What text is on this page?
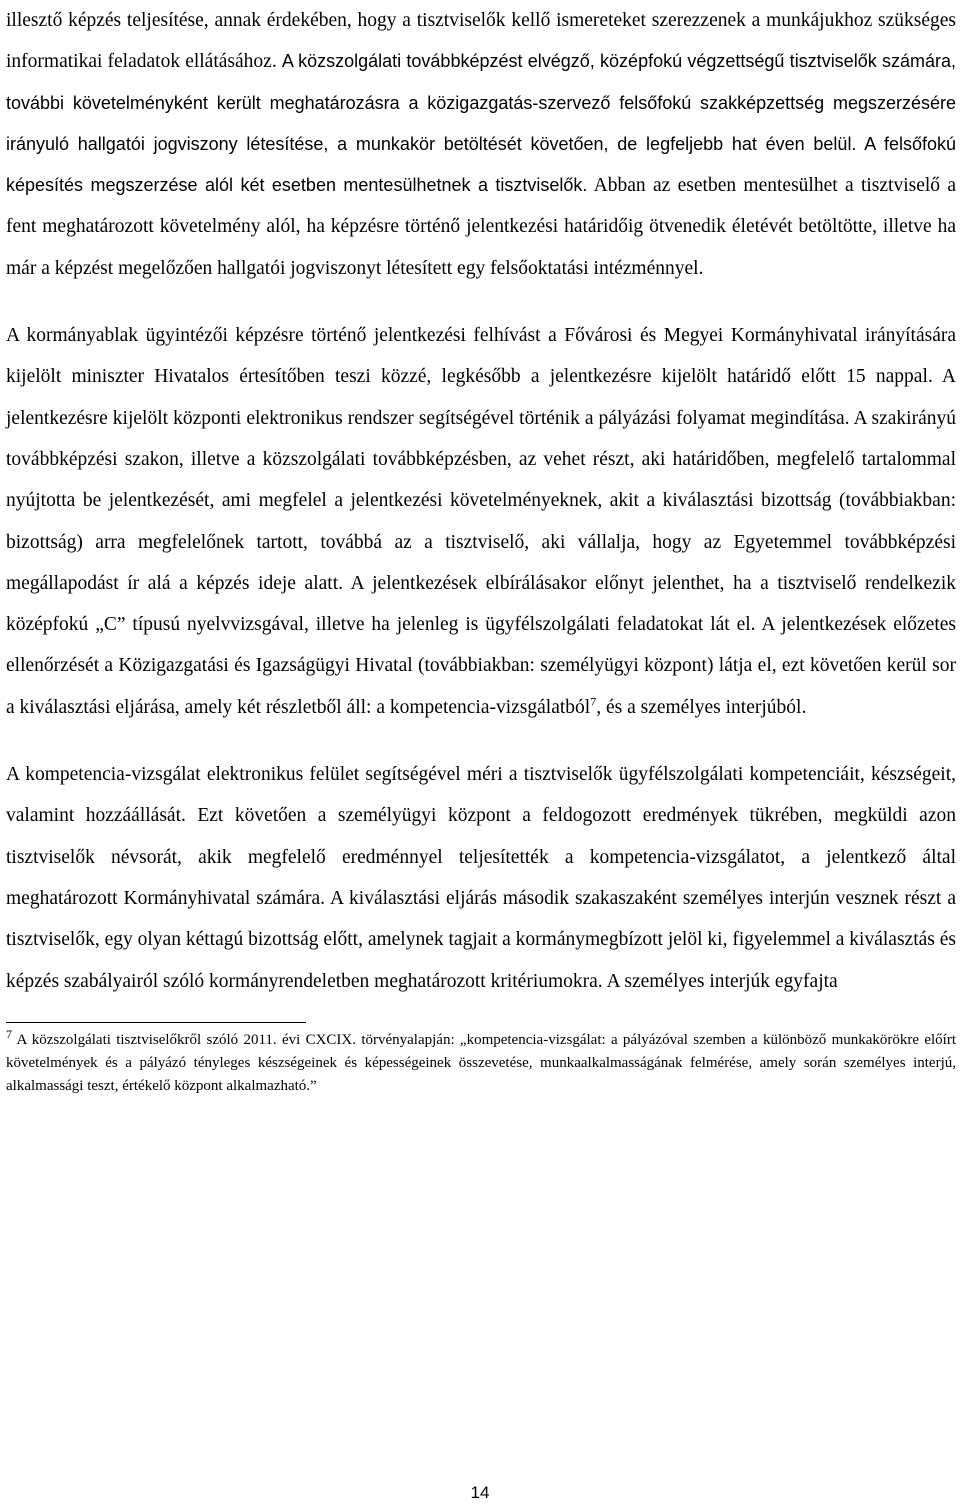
illesztő képzés teljesítése, annak érdekében, hogy a tisztviselők kellő ismereteket szerezzenek a munkájukhoz szükséges informatikai feladatok ellátásához. A közszolgálati továbbképzést elvégző, középfokú végzettségű tisztviselők számára, további követelményként került meghatározásra a közigazgatás-szervező felsőfokú szakképzettség megszerzésére irányuló hallgatói jogviszony létesítése, a munkakör betöltését követően, de legfeljebb hat éven belül. A felsőfokú képesítés megszerzése alól két esetben mentesülhetnek a tisztviselők. Abban az esetben mentesülhet a tisztviselő a fent meghatározott követelmény alól, ha képzésre történő jelentkezési határidőig ötvenedik életévét betöltötte, illetve ha már a képzést megelőzően hallgatói jogviszonyt létesített egy felsőoktatási intézménnyel.

A kormányablak ügyintézői képzésre történő jelentkezési felhívást a Fővárosi és Megyei Kormányhivatal irányítására kijelölt miniszter Hivatalos értesítőben teszi közzé, legkésőbb a jelentkezésre kijelölt határidő előtt 15 nappal. A jelentkezésre kijelölt központi elektronikus rendszer segítségével történik a pályázási folyamat megindítása. A szakirányú továbbképzési szakon, illetve a közszolgálati továbbképzésben, az vehet részt, aki határidőben, megfelelő tartalommal nyújtotta be jelentkezését, ami megfelel a jelentkezési követelményeknek, akit a kiválasztási bizottság (továbbiakban: bizottság) arra megfelelőnek tartott, továbbá az a tisztviselő, aki vállalja, hogy az Egyetemmel továbbképzési megállapodást ír alá a képzés ideje alatt. A jelentkezések elbírálásakor előnyt jelenthet, ha a tisztviselő rendelkezik középfokú „C” típusú nyelvvizsgával, illetve ha jelenleg is ügyfélszolgálati feladatokat lát el. A jelentkezések előzetes ellenőrzését a Közigazgatási és Igazságügyi Hivatal (továbbiakban: személyügyi központ) látja el, ezt követően kerül sor a kiválasztási eljárása, amely két részletből áll: a kompetencia-vizsgálatból$^7$, és a személyes interjúból.

A kompetencia-vizsgálat elektronikus felület segítségével méri a tisztviselők ügyfélszolgálati kompetenciáit, készségeit, valamint hozzáállását. Ezt követően a személyügyi központ a feldogozott eredmények tükrében, megküldi azon tisztviselők névsorát, akik megfelelő eredménnyel teljesítették a kompetencia-vizsgálatot, a jelentkező által meghatározott Kormányhivatal számára. A kiválasztási eljárás második szakaszaként személyes interjún vesznek részt a tisztviselők, egy olyan kéttagú bizottság előtt, amelynek tagjait a kormánymegbízott jelöl ki, figyelemmel a kiválasztás és képzés szabályairól szóló kormányrendeletben meghatározott kritériumokra. A személyes interjúk egyfajta

$^7$ A közszolgálati tisztviselőkről szóló 2011. évi CXCIX. törvényalapján: „kompetencia-vizsgálat: a pályázóval szemben a különböző munkakörökre előírt követelmények és a pályázó tényleges készségeinek és képességeinek összevetése, munkaalkalmasságának felmérése, amely során személyes interjú, alkalmassági teszt, értékelő központ alkalmazható.”

14
